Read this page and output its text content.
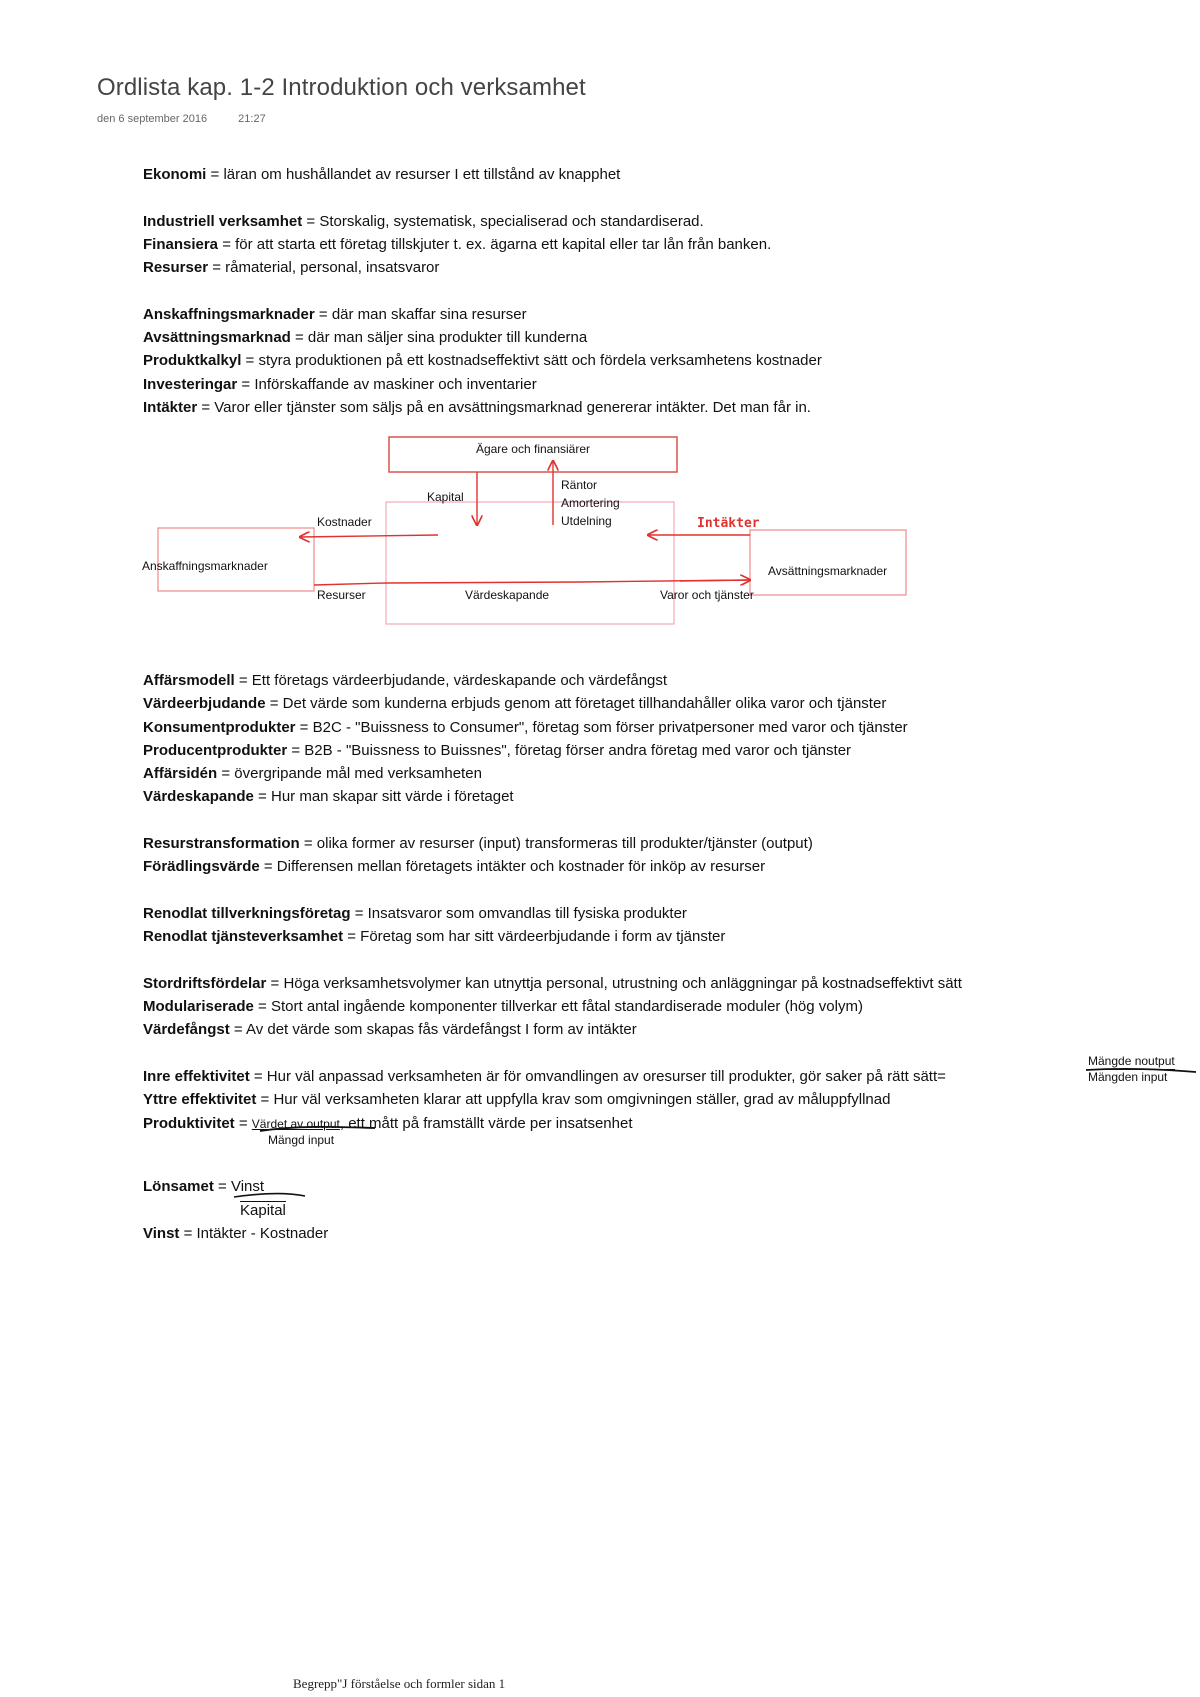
Ordlista kap. 1-2 Introduktion och verksamhet
den 6 september 2016	21:27

Ekonomi = läran om hushållandet av resurser I ett tillstånd av knapphet

Industriell verksamhet = Storskalig, systematisk, specialiserad och standardiserad.

Finansiera = för att starta ett företag tillskjuter t. ex. ägarna ett kapital eller tar lån från banken.

Resurser = råmaterial, personal, insatsvaror

Anskaffningsmarknader = där man skaffar sina resurser

Avsättningsmarknad = där man säljer sina produkter till kunderna

Produktkalkyl = styra produktionen på ett kostnadseffektivt sätt och fördela verksamhetens kostnader

Investeringar = Införskaffande av maskiner och inventarier

Intäkter = Varor eller tjänster som säljs på en avsättningsmarknad genererar intäkter. Det man får in.

Ägare och finansiärer
Kapital
Räntor
Amortering
Utdelning
Kostnader	Intäkter
Anskaffningsmarknader	Avsättningsmarknader
Resurser	Värdeskapande	Varor och tjänster

Affärsmodell = Ett företags värdeerbjudande, värdeskapande och värdefångst

Värdeerbjudande = Det värde som kunderna erbjuds genom att företaget tillhandahåller olika varor och tjänster

Konsumentprodukter = B2C - "Buissness to Consumer", företag som förser privatpersoner med varor och tjänster

Producentprodukter = B2B - "Buissness to Buissnes", företag förser andra företag med varor och tjänster

Affärsidén = övergripande mål med verksamheten

Värdeskapande = Hur man skapar sitt värde i företaget

Resurstransformation = olika former av resurser (input) transformeras till produkter/tjänster (output)

Förädlingsvärde = Differensen mellan företagets intäkter och kostnader för inköp av resurser

Renodlat tillverkningsföretag = Insatsvaror som omvandlas till fysiska produkter

Renodlat tjänsteverksamhet = Företag som har sitt värdeerbjudande i form av tjänster

Stordriftsfördelar = Höga verksamhetsvolymer kan utnyttja personal, utrustning och anläggningar på kostnadseffektivt sätt

Modulariserade = Stort antal ingående komponenter tillverkar ett fåtal standardiserade moduler (hög volym)

Värdefångst = Av det värde som skapas fås värdefångst I form av intäkter

Inre effektivitet = Hur väl anpassad verksamheten är för omvandlingen av oresurser till produkter, gör saker på rätt sätt=

Yttre effektivitet = Hur väl verksamheten klarar att uppfylla krav som omgivningen ställer, grad av måluppfyllnad

Produktivitet = Värdet av output, ett mått på framställt värde per insatsenhet

Lönsamet = Vinst

Kapital

Vinst = Intäkter - Kostnader

Mängde noutput
Mängden input
Mängd input
Begrepp"J förståelse och formler sidan 1
